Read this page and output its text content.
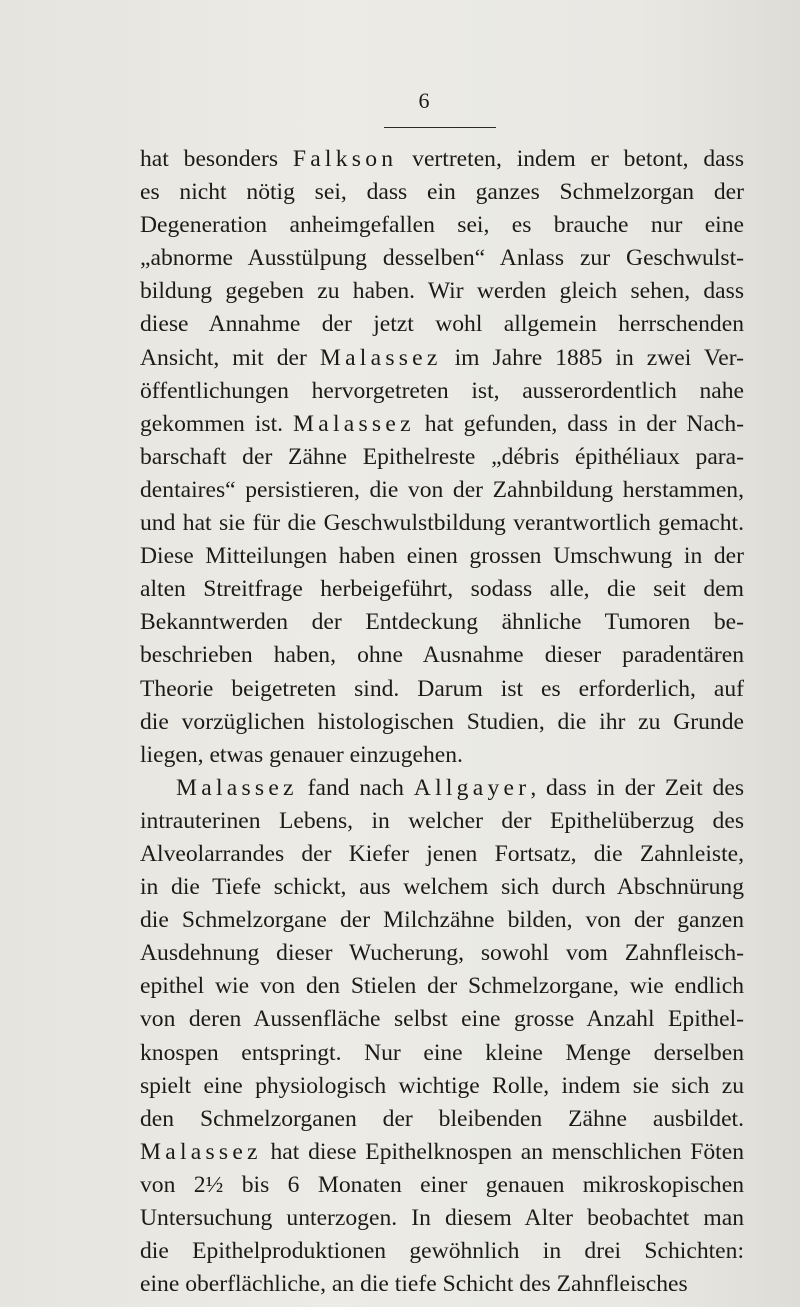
6
hat besonders Falkson vertreten, indem er betont, dass
es nicht nötig sei, dass ein ganzes Schmelzorgan der
Degeneration anheimgefallen sei, es brauche nur eine
„abnorme Ausstülpung desselben“ Anlass zur Geschwulst-
bildung gegeben zu haben. Wir werden gleich sehen, dass
diese Annahme der jetzt wohl allgemein herrschenden
Ansicht, mit der Malassez im Jahre 1885 in zwei Ver-
öffentlichungen hervorgetreten ist, ausserordentlich nahe
gekommen ist. Malassez hat gefunden, dass in der Nach-
barschaft der Zähne Epithelreste „débris épithéliaux para-
dentaires“ persistieren, die von der Zahnbildung herstammen,
und hat sie für die Geschwulstbildung verantwortlich gemacht.
Diese Mitteilungen haben einen grossen Umschwung in der
alten Streitfrage herbeigeführt, sodass alle, die seit dem
Bekanntwerden der Entdeckung ähnliche Tumoren be-
beschrieben haben, ohne Ausnahme dieser paradentären
Theorie beigetreten sind. Darum ist es erforderlich, auf
die vorzüglichen histologischen Studien, die ihr zu Grunde
liegen, etwas genauer einzugehen.
Malassez fand nach Allgayer, dass in der Zeit des
intrauterinen Lebens, in welcher der Epithelüberzug des
Alveolarrandes der Kiefer jenen Fortsatz, die Zahnleiste,
in die Tiefe schickt, aus welchem sich durch Abschnürung
die Schmelzorgane der Milchzähne bilden, von der ganzen
Ausdehnung dieser Wucherung, sowohl vom Zahnfleisch-
epithel wie von den Stielen der Schmelzorgane, wie endlich
von deren Aussenfläche selbst eine grosse Anzahl Epithel-
knospen entspringt. Nur eine kleine Menge derselben
spielt eine physiologisch wichtige Rolle, indem sie sich zu
den Schmelzorganen der bleibenden Zähne ausbildet.
Malassez hat diese Epithelknospen an menschlichen Föten
von 2½ bis 6 Monaten einer genauen mikroskopischen
Untersuchung unterzogen. In diesem Alter beobachtet man
die Epithelproduktionen gewöhnlich in drei Schichten:
eine oberflächliche, an die tiefe Schicht des Zahnfleisches
